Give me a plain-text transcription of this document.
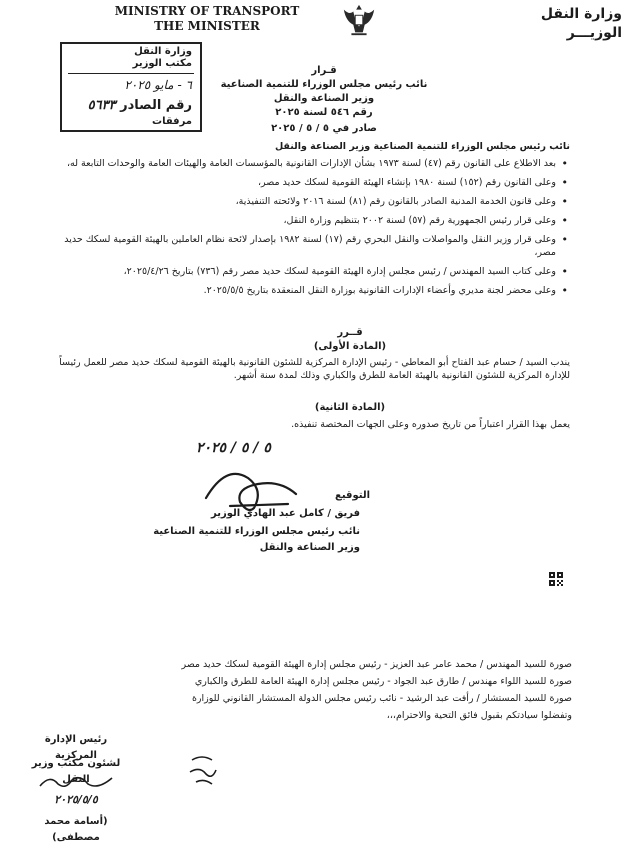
MINISTRY OF TRANSPORT
THE MINISTER
وزارة النقل
الوزيـــر
وزارة النقل
مكتب الوزير
٦ - مايو ٢٠٢٥
رقم الصادر ٥٦٣٣
مرفقات
قـرار
نائب رئيس مجلس الوزراء للتنمية الصناعية
وزير الصناعة والنقل
رقم ٥٤٦ لسنة ٢٠٢٥
صادر في ٥ / ٥ / ٢٠٢٥
نائب رئيس مجلس الوزراء للتنمية الصناعية وزير الصناعة والنقل
• بعد الاطلاع على القانون رقم (٤٧) لسنة ١٩٧٣ بشأن الإدارات القانونية بالمؤسسات العامة والهيئات العامة والوحدات التابعة له،
• وعلى القانون رقم (١٥٢) لسنة ١٩٨٠ بإنشاء الهيئة القومية لسكك حديد مصر،
• وعلى قانون الخدمة المدنية الصادر بالقانون رقم (٨١) لسنة ٢٠١٦ ولائحته التنفيذية،
• وعلى قرار رئيس الجمهورية رقم (٥٧) لسنة ٢٠٠٢ بتنظيم وزارة النقل،
• وعلى قرار وزير النقل والمواصلات والنقل البحري رقم (١٧) لسنة ١٩٨٢ بإصدار لائحة نظام العاملين بالهيئة القومية لسكك حديد مصر،
• وعلى كتاب السيد المهندس / رئيس مجلس إدارة الهيئة القومية لسكك حديد مصر رقم (٧٣٦) بتاريخ ٢٠٢٥/٤/٢٦،
• وعلى محضر لجنة مديري وأعضاء الإدارات القانونية بوزارة النقل المنعقدة بتاريخ ٢٠٢٥/٥/٥.
قــرر
(المادة الأولى)
يندب السيد / حسام عبد الفتاح أبو المعاطي - رئيس الإدارة المركزية للشئون القانونية بالهيئة القومية لسكك حديد مصر للعمل رئيساً للإدارة المركزية للشئون القانونية بالهيئة العامة للطرق والكباري وذلك لمدة سنة أشهر.
(المادة الثانية)
يعمل بهذا القرار اعتباراً من تاريخ صدوره وعلى الجهات المختصة تنفيذه.
٥ / ٥ / ٢٠٢٥
التوقيع
فريق / كامل عبد الهادي الوزير
نائب رئيس مجلس الوزراء للتنمية الصناعية
وزير الصناعة والنقل
صورة للسيد المهندس / محمد عامر عبد العزيز - رئيس مجلس إدارة الهيئة القومية لسكك حديد مصر
صورة للسيد اللواء مهندس / طارق عبد الجواد - رئيس مجلس إدارة الهيئة العامة للطرق والكباري
صورة للسيد المستشار / رأفت عبد الرشيد - نائب رئيس مجلس الدولة المستشار القانوني للوزارة
وتفضلوا سيادتكم بقبول فائق التحية والاحترام،،،
رئيس الإدارة المركزية
لشئون مكتب وزير النقل
٢٠٢٥/٥/٥
(أسامة محمد مصطفى)
